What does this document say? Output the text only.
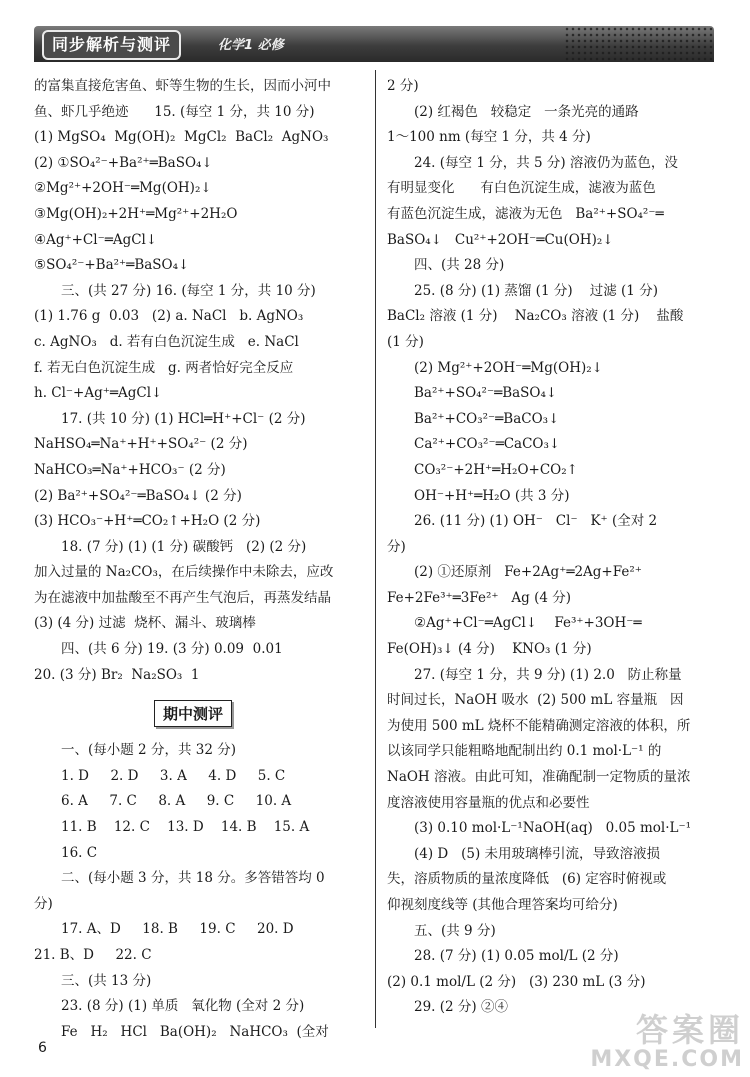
同步解析与测评	化学1 必修
的富集直接危害鱼、虾等生物的生长，因而小河中
鱼、虾几乎绝迹      15. (每空 1 分，共 10 分)
(1) MgSO₄  Mg(OH)₂  MgCl₂  BaCl₂  AgNO₃
(2) ①SO₄²⁻+Ba²⁺═BaSO₄↓
②Mg²⁺+2OH⁻═Mg(OH)₂↓
③Mg(OH)₂+2H⁺═Mg²⁺+2H₂O
④Ag⁺+Cl⁻═AgCl↓
⑤SO₄²⁻+Ba²⁺═BaSO₄↓
三、(共 27 分) 16. (每空 1 分，共 10 分)
(1) 1.76 g  0.03   (2) a. NaCl   b. AgNO₃
c. AgNO₃   d. 若有白色沉淀生成   e. NaCl
f. 若无白色沉淀生成   g. 两者恰好完全反应
h. Cl⁻+Ag⁺═AgCl↓
17. (共 10 分) (1) HCl═H⁺+Cl⁻ (2 分)
NaHSO₄═Na⁺+H⁺+SO₄²⁻ (2 分)
NaHCO₃═Na⁺+HCO₃⁻ (2 分)
(2) Ba²⁺+SO₄²⁻═BaSO₄↓ (2 分)
(3) HCO₃⁻+H⁺═CO₂↑+H₂O (2 分)
18. (7 分) (1) (1 分) 碳酸钙   (2) (2 分)
加入过量的 Na₂CO₃，在后续操作中未除去，应改
为在滤液中加盐酸至不再产生气泡后，再蒸发结晶
(3) (4 分) 过滤  烧杯、漏斗、玻璃棒
四、(共 6 分) 19. (3 分) 0.09  0.01
20. (3 分) Br₂  Na₂SO₃  1
期中测评
一、(每小题 2 分，共 32 分)
1. D     2. D     3. A     4. D     5. C
6. A     7. C     8. A     9. C     10. A
11. B    12. C    13. D    14. B    15. A
16. C
二、(每小题 3 分，共 18 分。多答错答均 0
分)
17. A、D     18. B     19. C     20. D
21. B、D     22. C
三、(共 13 分)
23. (8 分) (1) 单质   氧化物 (全对 2 分)
Fe   H₂   HCl   Ba(OH)₂   NaHCO₃  (全对
2 分)
(2) 红褐色   较稳定   一条光亮的通路
1～100 nm (每空 1 分，共 4 分)
24. (每空 1 分，共 5 分) 溶液仍为蓝色，没
有明显变化      有白色沉淀生成，滤液为蓝色
有蓝色沉淀生成，滤液为无色   Ba²⁺+SO₄²⁻═
BaSO₄↓   Cu²⁺+2OH⁻═Cu(OH)₂↓
四、(共 28 分)
25. (8 分) (1) 蒸馏 (1 分)    过滤 (1 分)
BaCl₂ 溶液 (1 分)    Na₂CO₃ 溶液 (1 分)    盐酸
(1 分)
(2) Mg²⁺+2OH⁻═Mg(OH)₂↓
Ba²⁺+SO₄²⁻═BaSO₄↓
Ba²⁺+CO₃²⁻═BaCO₃↓
Ca²⁺+CO₃²⁻═CaCO₃↓
CO₃²⁻+2H⁺═H₂O+CO₂↑
OH⁻+H⁺═H₂O (共 3 分)
26. (11 分) (1) OH⁻   Cl⁻   K⁺ (全对 2
分)
(2) ①还原剂   Fe+2Ag⁺═2Ag+Fe²⁺
Fe+2Fe³⁺═3Fe²⁺   Ag (4 分)
②Ag⁺+Cl⁻═AgCl↓    Fe³⁺+3OH⁻═
Fe(OH)₃↓ (4 分)    KNO₃ (1 分)
27. (每空 1 分，共 9 分) (1) 2.0   防止称量
时间过长，NaOH 吸水  (2) 500 mL 容量瓶   因
为使用 500 mL 烧杯不能精确测定溶液的体积，所
以该同学只能粗略地配制出约 0.1 mol·L⁻¹ 的
NaOH 溶液。由此可知，准确配制一定物质的量浓
度溶液使用容量瓶的优点和必要性
(3) 0.10 mol·L⁻¹NaOH(aq)   0.05 mol·L⁻¹
(4) D   (5) 未用玻璃棒引流，导致溶液损
失，溶质物质的量浓度降低   (6) 定容时俯视或
仰视刻度线等 (其他合理答案均可给分)
五、(共 9 分)
28. (7 分) (1) 0.05 mol/L (2 分)
(2) 0.1 mol/L (2 分)   (3) 230 mL (3 分)
29. (2 分) ②④
6	答案圈
MXQE.COM
